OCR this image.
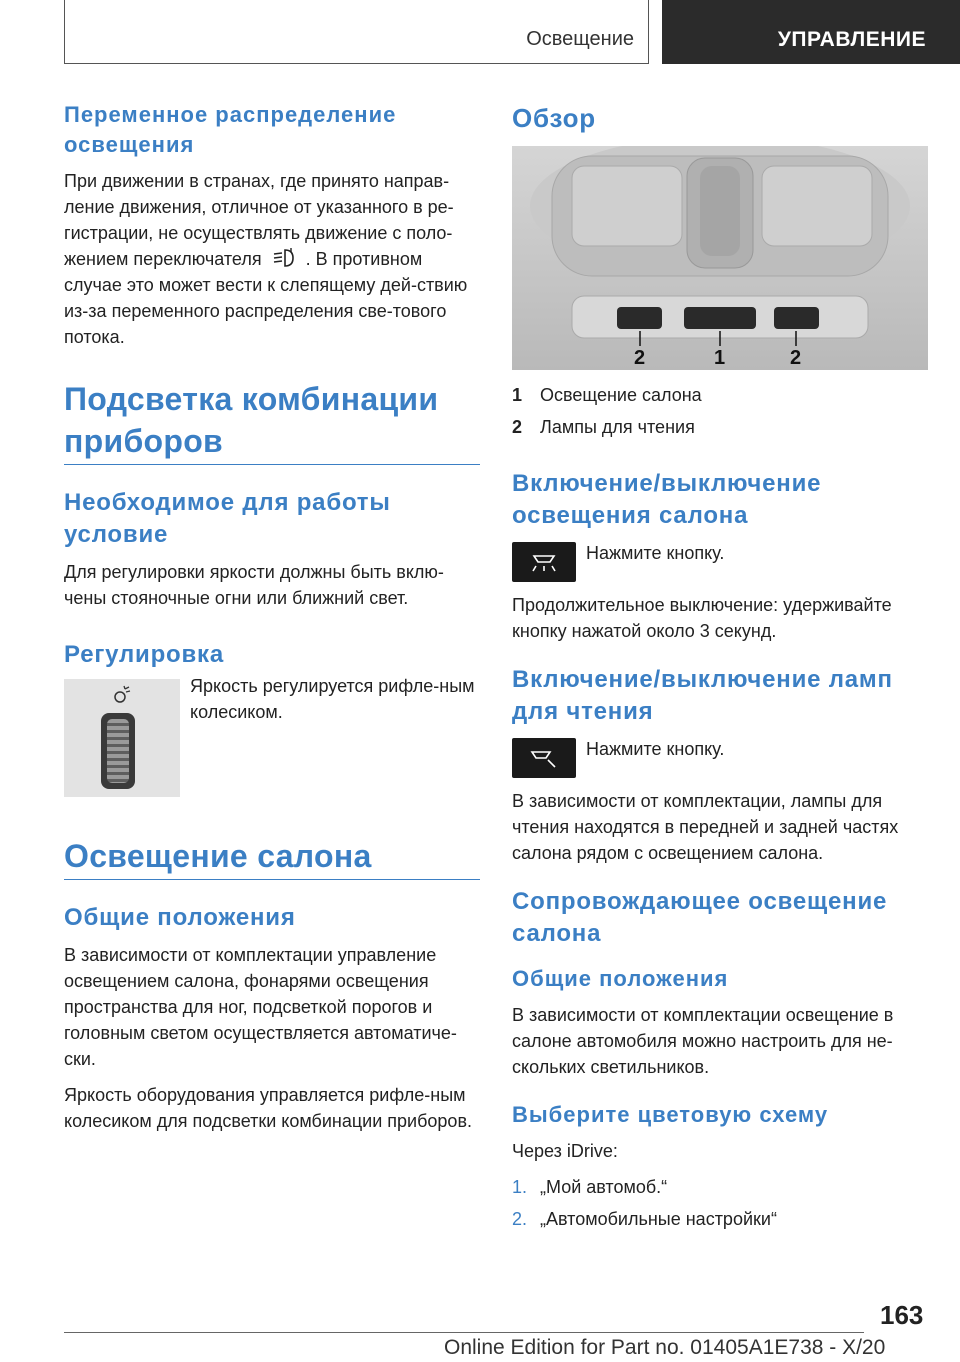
Освещение	УПРАВЛЕНИЕ
Переменное распределение освещения

При движении в странах, где принято направ-ление движения, отличное от указанного в ре-гистрации, не осуществлять движение с поло-жением переключателя . В противном случае это может вести к слепящему дей-ствию из-за переменного распределения све-тового потока.

Подсветка комбинации приборов
Необходимое для работы условие

Для регулировки яркости должны быть вклю-чены стояночные огни или ближний свет.

Регулировка

Яркость регулируется рифле-ным колесиком.

Освещение салона
Общие положения

В зависимости от комплектации управление освещением салона, фонарями освещения пространства для ног, подсветкой порогов и головным светом осуществляется автоматиче-ски.

Яркость оборудования управляется рифле-ным колесиком для подсветки комбинации приборов.

Обзор
2	1	2
1 Освещение салона
2 Лампы для чтения
Включение/выключение освещения салона

Нажмите кнопку.

Продолжительное выключение: удерживайте кнопку нажатой около 3 секунд.

Включение/выключение ламп для чтения

Нажмите кнопку.

В зависимости от комплектации, лампы для чтения находятся в передней и задней частях салона рядом с освещением салона.

Сопровождающее освещение салона
Общие положения

В зависимости от комплектации освещение в салоне автомобиля можно настроить для не-скольких светильников.

Выберите цветовую схему

Через iDrive:

1. „Мой автомоб.“
2. „Автомобильные настройки“
163
Online Edition for Part no. 01405A1E738 - X/20
